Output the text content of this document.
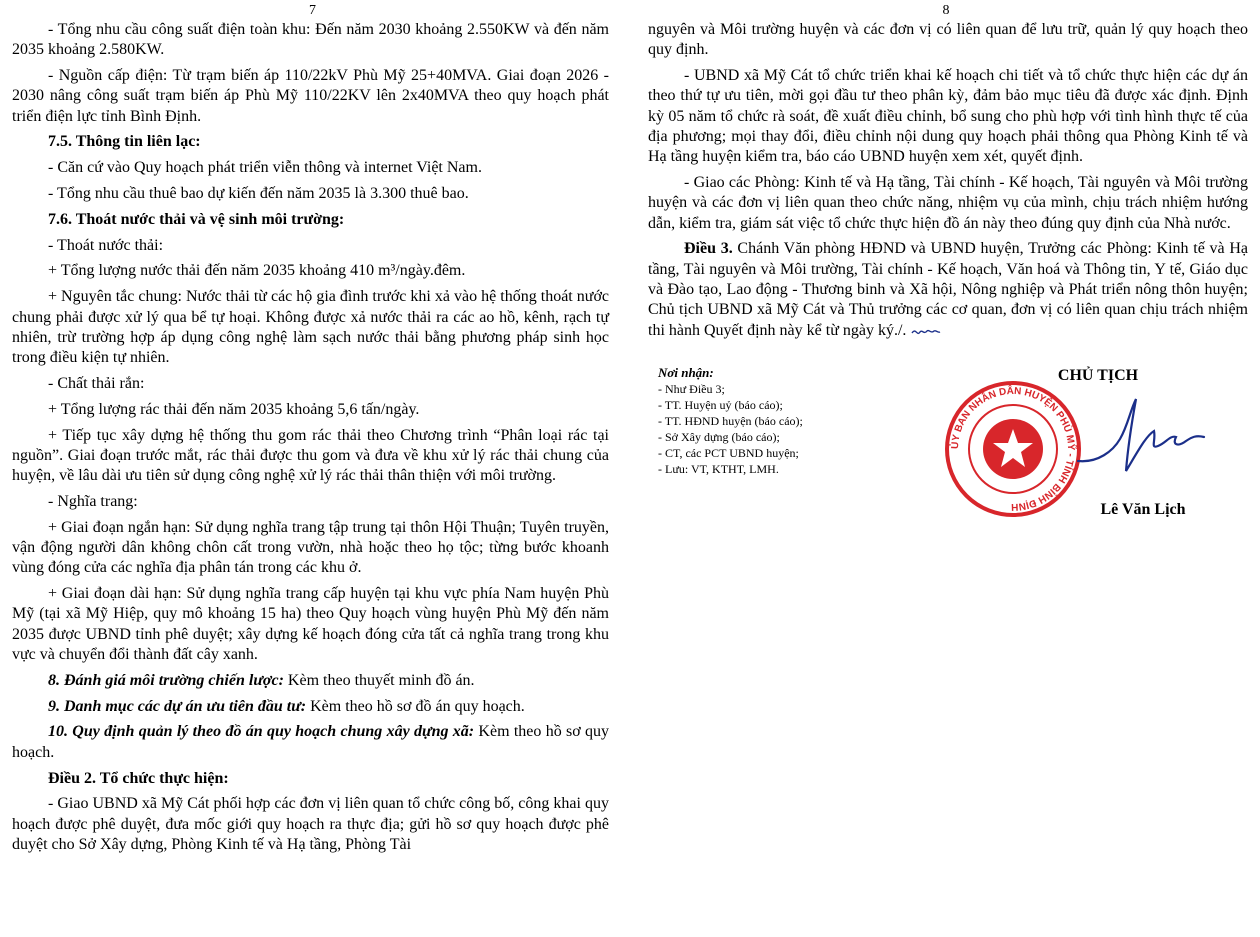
7

- Tổng nhu cầu công suất điện toàn khu: Đến năm 2030 khoảng 2.550KW và đến năm 2035 khoảng 2.580KW.

- Nguồn cấp điện: Từ trạm biến áp 110/22kV Phù Mỹ 25+40MVA. Giai đoạn 2026 - 2030 nâng công suất trạm biến áp Phù Mỹ 110/22KV lên 2x40MVA theo quy hoạch phát triển điện lực tỉnh Bình Định.

7.5. Thông tin liên lạc:

- Căn cứ vào Quy hoạch phát triển viễn thông và internet Việt Nam.

- Tổng nhu cầu thuê bao dự kiến đến năm 2035 là 3.300 thuê bao.

7.6. Thoát nước thải và vệ sinh môi trường:

- Thoát nước thải:

+ Tổng lượng nước thải đến năm 2035 khoảng 410 m³/ngày.đêm.

+ Nguyên tắc chung: Nước thải từ các hộ gia đình trước khi xả vào hệ thống thoát nước chung phải được xử lý qua bể tự hoại. Không được xả nước thải ra các ao hồ, kênh, rạch tự nhiên, trừ trường hợp áp dụng công nghệ làm sạch nước thải bằng phương pháp sinh học trong điều kiện tự nhiên.

- Chất thải rắn:

+ Tổng lượng rác thải đến năm 2035 khoảng 5,6 tấn/ngày.

+ Tiếp tục xây dựng hệ thống thu gom rác thải theo Chương trình “Phân loại rác tại nguồn”. Giai đoạn trước mắt, rác thải được thu gom và đưa về khu xử lý rác thải chung của huyện, về lâu dài ưu tiên sử dụng công nghệ xử lý rác thải thân thiện với môi trường.

- Nghĩa trang:

+ Giai đoạn ngắn hạn: Sử dụng nghĩa trang tập trung tại thôn Hội Thuận; Tuyên truyền, vận động người dân không chôn cất trong vườn, nhà hoặc theo họ tộc; từng bước khoanh vùng đóng cửa các nghĩa địa phân tán trong các khu ở.

+ Giai đoạn dài hạn: Sử dụng nghĩa trang cấp huyện tại khu vực phía Nam huyện Phù Mỹ (tại xã Mỹ Hiệp, quy mô khoảng 15 ha) theo Quy hoạch vùng huyện Phù Mỹ đến năm 2035 được UBND tỉnh phê duyệt; xây dựng kế hoạch đóng cửa tất cả nghĩa trang trong khu vực và chuyển đổi thành đất cây xanh.

8. Đánh giá môi trường chiến lược: Kèm theo thuyết minh đồ án.

9. Danh mục các dự án ưu tiên đầu tư: Kèm theo hồ sơ đồ án quy hoạch.

10. Quy định quản lý theo đồ án quy hoạch chung xây dựng xã: Kèm theo hồ sơ quy hoạch.

Điều 2. Tổ chức thực hiện:

- Giao UBND xã Mỹ Cát phối hợp các đơn vị liên quan tổ chức công bố, công khai quy hoạch được phê duyệt, đưa mốc giới quy hoạch ra thực địa; gửi hồ sơ quy hoạch được phê duyệt cho Sở Xây dựng, Phòng Kinh tế và Hạ tầng, Phòng Tài

8

nguyên và Môi trường huyện và các đơn vị có liên quan để lưu trữ, quản lý quy hoạch theo quy định.

- UBND xã Mỹ Cát tổ chức triển khai kế hoạch chi tiết và tổ chức thực hiện các dự án theo thứ tự ưu tiên, mời gọi đầu tư theo phân kỳ, đảm bảo mục tiêu đã được xác định. Định kỳ 05 năm tổ chức rà soát, đề xuất điều chỉnh, bổ sung cho phù hợp với tình hình thực tế của địa phương; mọi thay đổi, điều chỉnh nội dung quy hoạch phải thông qua Phòng Kinh tế và Hạ tầng huyện kiểm tra, báo cáo UBND huyện xem xét, quyết định.

- Giao các Phòng: Kinh tế và Hạ tầng, Tài chính - Kế hoạch, Tài nguyên và Môi trường huyện và các đơn vị liên quan theo chức năng, nhiệm vụ của mình, chịu trách nhiệm hướng dẫn, kiểm tra, giám sát việc tổ chức thực hiện đồ án này theo đúng quy định của Nhà nước.

Điều 3. Chánh Văn phòng HĐND và UBND huyện, Trưởng các Phòng: Kinh tế và Hạ tầng, Tài nguyên và Môi trường, Tài chính - Kế hoạch, Văn hoá và Thông tin, Y tế, Giáo dục và Đào tạo, Lao động - Thương binh và Xã hội, Nông nghiệp và Phát triển nông thôn huyện; Chủ tịch UBND xã Mỹ Cát và Thủ trưởng các cơ quan, đơn vị có liên quan chịu trách nhiệm thi hành Quyết định này kể từ ngày ký./.

Nơi nhận:
- Như Điều 3;
- TT. Huyện uỷ (báo cáo);
- TT. HĐND huyện (báo cáo);
- Sở Xây dựng (báo cáo);
- CT, các PCT UBND huyện;
- Lưu: VT, KTHT, LMH.
CHỦ TỊCH
Lê Văn Lịch
ỦY BAN NHÂN DÂN HUYỆN PHÙ MỸ - TỈNH BÌNH ĐỊNH
